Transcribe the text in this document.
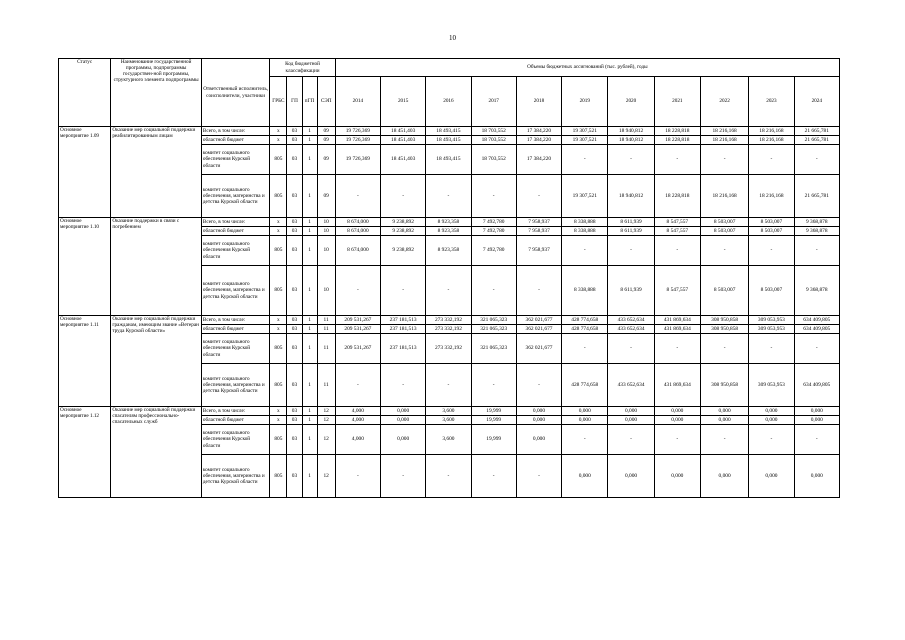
10
Статус	Наименование государственной программы, подпрограммы государствен-ной программы, структурного элемента подпрограммы	Ответственный исполнитель, соисполнители, участники	Код бюджетной классификации				Объемы бюджетных ассигнований (тыс. рублей), годы										
			ГРБС	ГП	пГП	СЭП	2014	2015	2016	2017	2018	2019	2020	2021	2022	2023	2024
Основное мероприятие 1.09	Оказание мер социальной поддержки реабилитированным лицам	Всего, в том числе:	х	03	1	09	19 726,369	18 451,403	18 493,415	18 703,552	17 384,220	19 307,521	18 940,812	18 228,818	18 216,168	18 216,168	21 665,781
		областной бюджет	х	03	1	09	19 726,369	18 451,403	18 493,415	18 703,552	17 384,220	19 307,521	18 940,812	18 228,818	18 216,168	18 216,168	21 665,781
		комитет социального обеспечения Курской области	805	03	1	09	19 726,369	18 451,403	18 493,415	18 703,552	17 384,220	-	-	-	-	-	-
		комитет социального обеспечения, материнства и детства Курской области	805	03	1	09	-	-	-	-	-	19 307,521	18 940,812	18 228,818	18 216,168	18 216,168	21 665,781
Основное мероприятие 1.10	Оказание поддержки в связи с погребением	Всего, в том числе:	х	03	1	10	8 674,000	9 238,892	8 923,358	7 492,780	7 958,937	8 338,888	8 611,939	8 547,557	8 503,007	8 503,007	9 368,878
		областной бюджет	х	03	1	10	8 674,000	9 238,892	8 923,358	7 492,780	7 958,937	8 338,888	8 611,939	8 547,557	8 503,007	8 503,007	9 368,878
		комитет социального обеспечения Курской области	805	03	1	10	8 674,000	9 238,892	8 923,358	7 492,780	7 958,937	-	-	-	-	-	-
		комитет социального обеспечения, материнства и детства Курской области	805	03	1	10	-	-	-	-	-	8 338,888	8 611,939	8 547,557	8 503,007	8 503,007	9 368,878
Основное мероприятие 1.11	Оказание мер социальной поддержки гражданам, имеющим звание «Ветеран труда Курской области»	Всего, в том числе:	х	03	1	11	209 531,267	237 181,513	273 332,192	321 065,323	362 021,677	428 774,658	433 652,634	431 869,634	308 950,858	309 053,953	634 409,805
		областной бюджет	х	03	1	11	209 531,267	237 181,513	273 332,192	321 065,323	362 021,677	428 774,658	433 652,634	431 869,634	308 950,858	309 053,953	634 409,805
		комитет социального обеспечения Курской области	805	03	1	11	209 531,267	237 181,513	273 332,192	321 065,323	362 021,677	-	-	-	-	-	-
		комитет социального обеспечения, материнства и детства Курской области	805	03	1	11	-	-	-	-	-	428 774,658	433 652,634	431 869,634	308 950,858	309 053,953	634 409,805
Основное мероприятие 1.12	Оказание мер социальной поддержки спасателям профессионально-спасательных служб	Всего, в том числе:	х	03	1	12	4,000	0,000	3,600	19,999	0,000	0,000	0,000	0,000	0,000	0,000	0,000
		областной бюджет	х	03	1	12	4,000	0,000	3,600	19,999	0,000	0,000	0,000	0,000	0,000	0,000	0,000
		комитет социального обеспечения Курской области	805	03	1	12	4,000	0,000	3,600	19,999	0,000	-	-	-	-	-	-
		комитет социального обеспечения, материнства и детства Курской области	805	03	1	12	-	-	-	-	-	0,000	0,000	0,000	0,000	0,000	0,000
